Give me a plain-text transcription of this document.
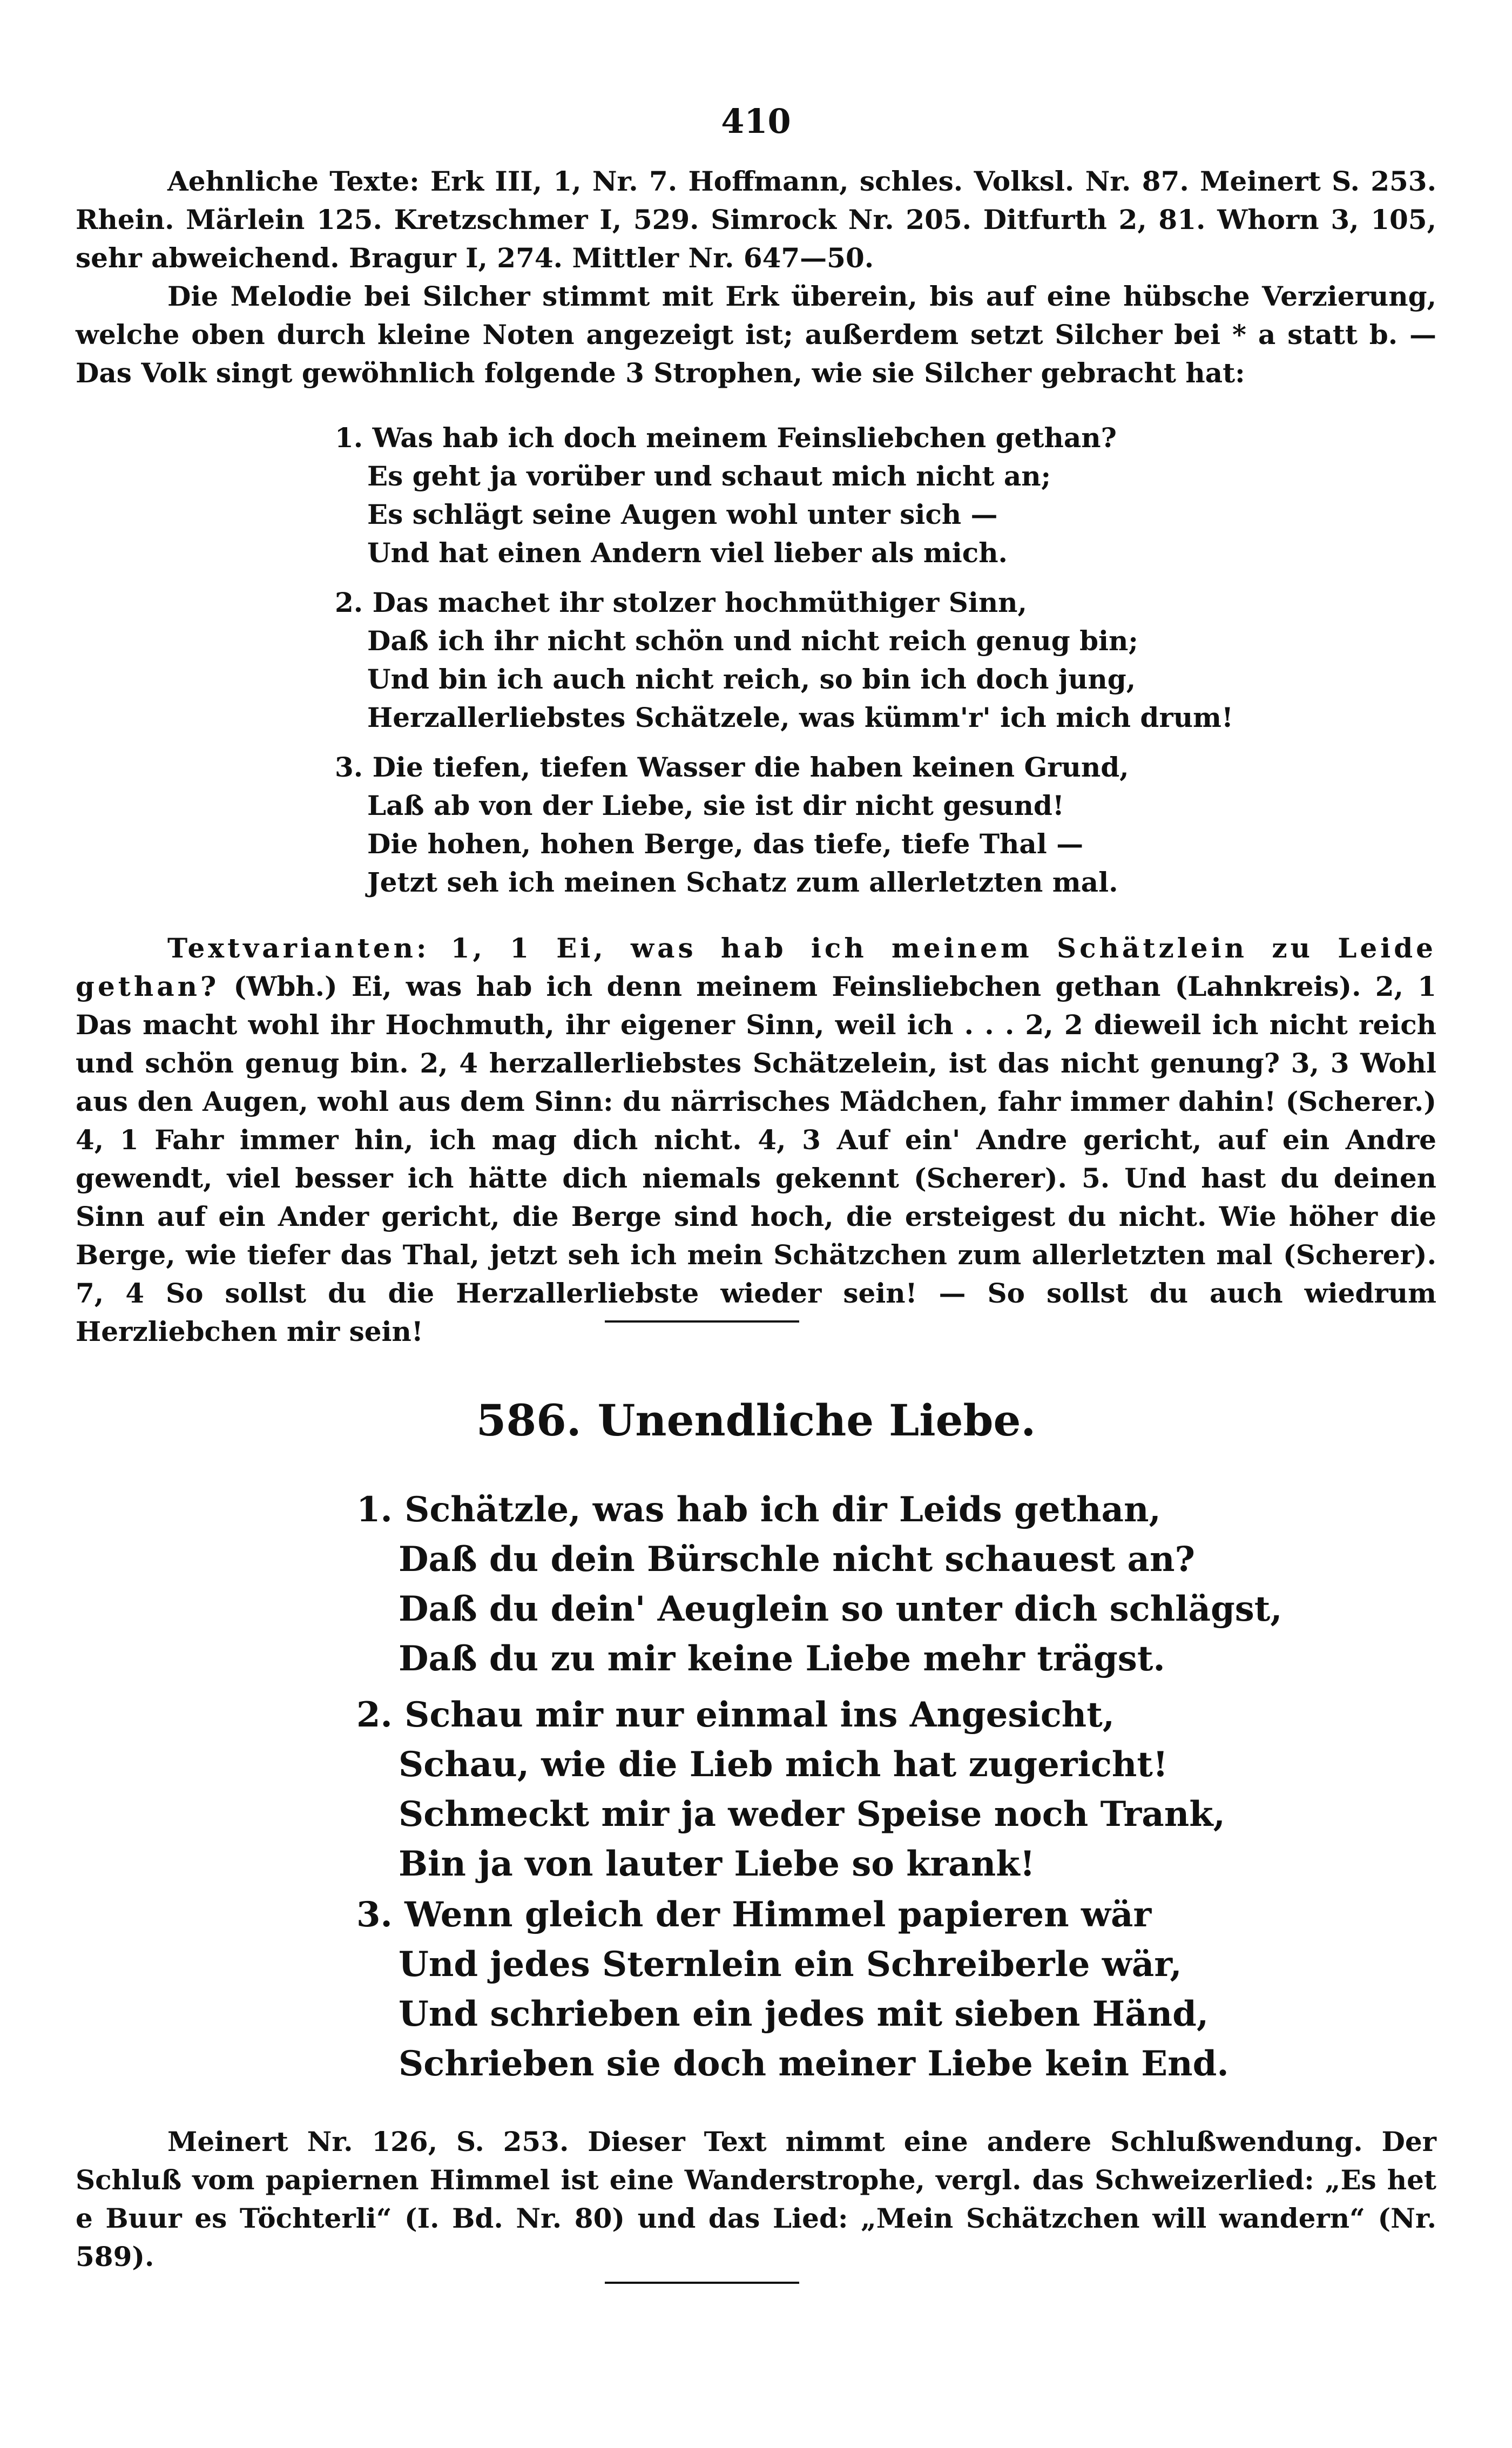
410

Aehnliche Texte: Erk III, 1, Nr. 7. Hoffmann, schles. Volksl. Nr. 87. Meinert S. 253. Rhein. Märlein 125. Kretzschmer I, 529. Simrock Nr. 205. Ditfurth 2, 81. Whorn 3, 105, sehr abweichend. Bragur I, 274. Mittler Nr. 647—50.

Die Melodie bei Silcher stimmt mit Erk überein, bis auf eine hübsche Verzierung, welche oben durch kleine Noten angezeigt ist; außerdem setzt Silcher bei * a statt b. — Das Volk singt gewöhnlich folgende 3 Strophen, wie sie Silcher gebracht hat:

1. Was hab ich doch meinem Feinsliebchen gethan?
Es geht ja vorüber und schaut mich nicht an;
Es schlägt seine Augen wohl unter sich —
Und hat einen Andern viel lieber als mich.
2. Das machet ihr stolzer hochmüthiger Sinn,
Daß ich ihr nicht schön und nicht reich genug bin;
Und bin ich auch nicht reich, so bin ich doch jung,
Herzallerliebstes Schätzele, was kümm'r' ich mich drum!
3. Die tiefen, tiefen Wasser die haben keinen Grund,
Laß ab von der Liebe, sie ist dir nicht gesund!
Die hohen, hohen Berge, das tiefe, tiefe Thal —
Jetzt seh ich meinen Schatz zum allerletzten mal.

Textvarianten: 1, 1 Ei, was hab ich meinem Schätzlein zu Leide gethan? (Wbh.) Ei, was hab ich denn meinem Feinsliebchen gethan (Lahnkreis). 2, 1 Das macht wohl ihr Hochmuth, ihr eigener Sinn, weil ich . . . 2, 2 dieweil ich nicht reich und schön genug bin. 2, 4 herzallerliebstes Schätzelein, ist das nicht genung? 3, 3 Wohl aus den Augen, wohl aus dem Sinn: du närrisches Mädchen, fahr immer dahin! (Scherer.) 4, 1 Fahr immer hin, ich mag dich nicht. 4, 3 Auf ein' Andre gericht, auf ein Andre gewendt, viel besser ich hätte dich niemals gekennt (Scherer). 5. Und hast du deinen Sinn auf ein Ander gericht, die Berge sind hoch, die ersteigest du nicht. Wie höher die Berge, wie tiefer das Thal, jetzt seh ich mein Schätzchen zum allerletzten mal (Scherer). 7, 4 So sollst du die Herzallerliebste wieder sein! — So sollst du auch wiedrum Herzliebchen mir sein!

586. Unendliche Liebe.
1. Schätzle, was hab ich dir Leids gethan,
Daß du dein Bürschle nicht schauest an?
Daß du dein' Aeuglein so unter dich schlägst,
Daß du zu mir keine Liebe mehr trägst.
2. Schau mir nur einmal ins Angesicht,
Schau, wie die Lieb mich hat zugericht!
Schmeckt mir ja weder Speise noch Trank,
Bin ja von lauter Liebe so krank!
3. Wenn gleich der Himmel papieren wär
Und jedes Sternlein ein Schreiberle wär,
Und schrieben ein jedes mit sieben Händ,
Schrieben sie doch meiner Liebe kein End.

Meinert Nr. 126, S. 253. Dieser Text nimmt eine andere Schlußwendung. Der Schluß vom papiernen Himmel ist eine Wanderstrophe, vergl. das Schweizerlied: „Es het e Buur es Töchterli“ (I. Bd. Nr. 80) und das Lied: „Mein Schätzchen will wandern“ (Nr. 589).
